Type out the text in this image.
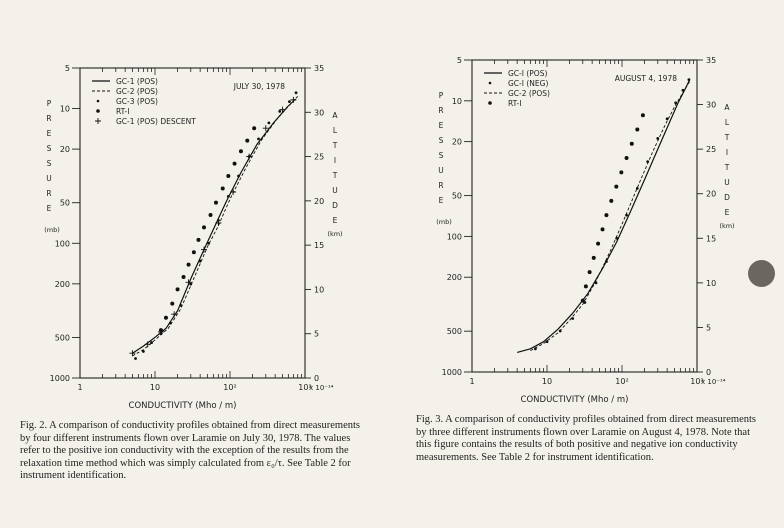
1	10	10²	10³
x 10⁻¹⁴
CONDUCTIVITY (Mho / m)
5
10
20
50
100
200
500
1000
P
R
E
S
S
U
R
E
(mb)
0
5
10
15
20
25
30
35
A
L
T
I
T
U
D
E
(km)
GC-1 (POS)
GC-2 (POS)
GC-3 (POS)
RT-I
GC-1 (POS) DESCENT
JULY 30, 1978
1	10	10²	10³
x 10⁻¹⁴
CONDUCTIVITY (Mho / m)
5
10
20
50
100
200
500
1000
P
R
E
S
S
U
R
E
(mb)
0
5
10
15
20
25
30
35
A
L
T
I
T
U
D
E
(km)
GC-I (POS)
GC-I (NEG)
GC-2 (POS)
RT-I
AUGUST 4, 1978
Fig. 2. A comparison of conductivity profiles obtained from direct measurements by four different instruments flown over Laramie on July 30, 1978. The values refer to the positive ion conductivity with the exception of the results from the relaxation time method which was simply calculated from ε₀/τ. See Table 2 for instrument identification.
Fig. 3. A comparison of conductivity profiles obtained from direct measurements by three different instruments flown over Laramie on August 4, 1978. Note that this figure contains the results of both positive and negative ion conductivity measurements. See Table 2 for instrument identification.
